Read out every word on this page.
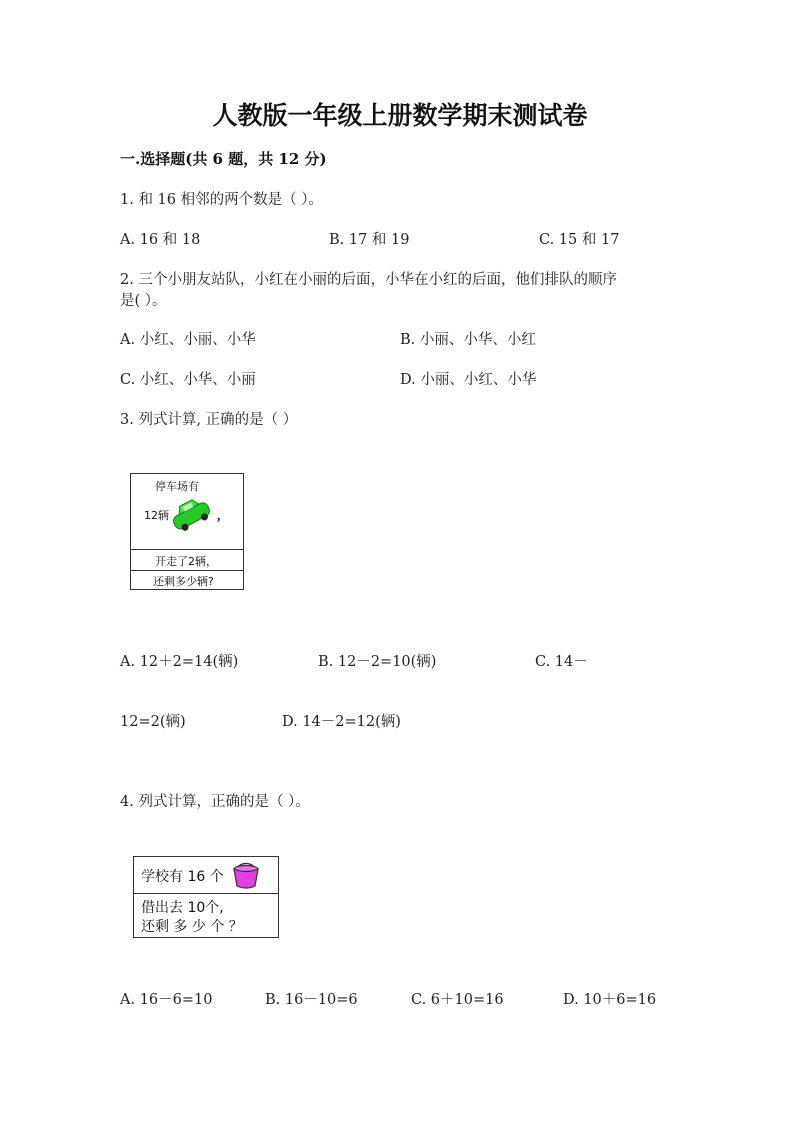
人教版一年级上册数学期末测试卷
一.选择题(共 6 题，共 12 分)
1. 和 16 相邻的两个数是（ ）。
A. 16 和 18	B. 17 和 19	C. 15 和 17
2. 三个小朋友站队，小红在小丽的后面，小华在小红的后面，他们排队的顺序
是( ）。
A. 小红、小丽、小华	B. 小丽、小华、小红
C. 小红、小华、小丽	D. 小丽、小红、小华
3. 列式计算, 正确的是（ ）
停车场有
12辆	，
开走了2辆，
还剩多少辆?
A. 12＋2=14(辆)	B. 12－2=10(辆)	C. 14－
12=2(辆)	D. 14－2=12(辆)
4. 列式计算，正确的是（ ）。
学校有 16 个
借出去 10个,
还剩 多 少 个 ？
A. 16－6=10	B. 16－10=6	C. 6＋10=16	D. 10＋6=16
